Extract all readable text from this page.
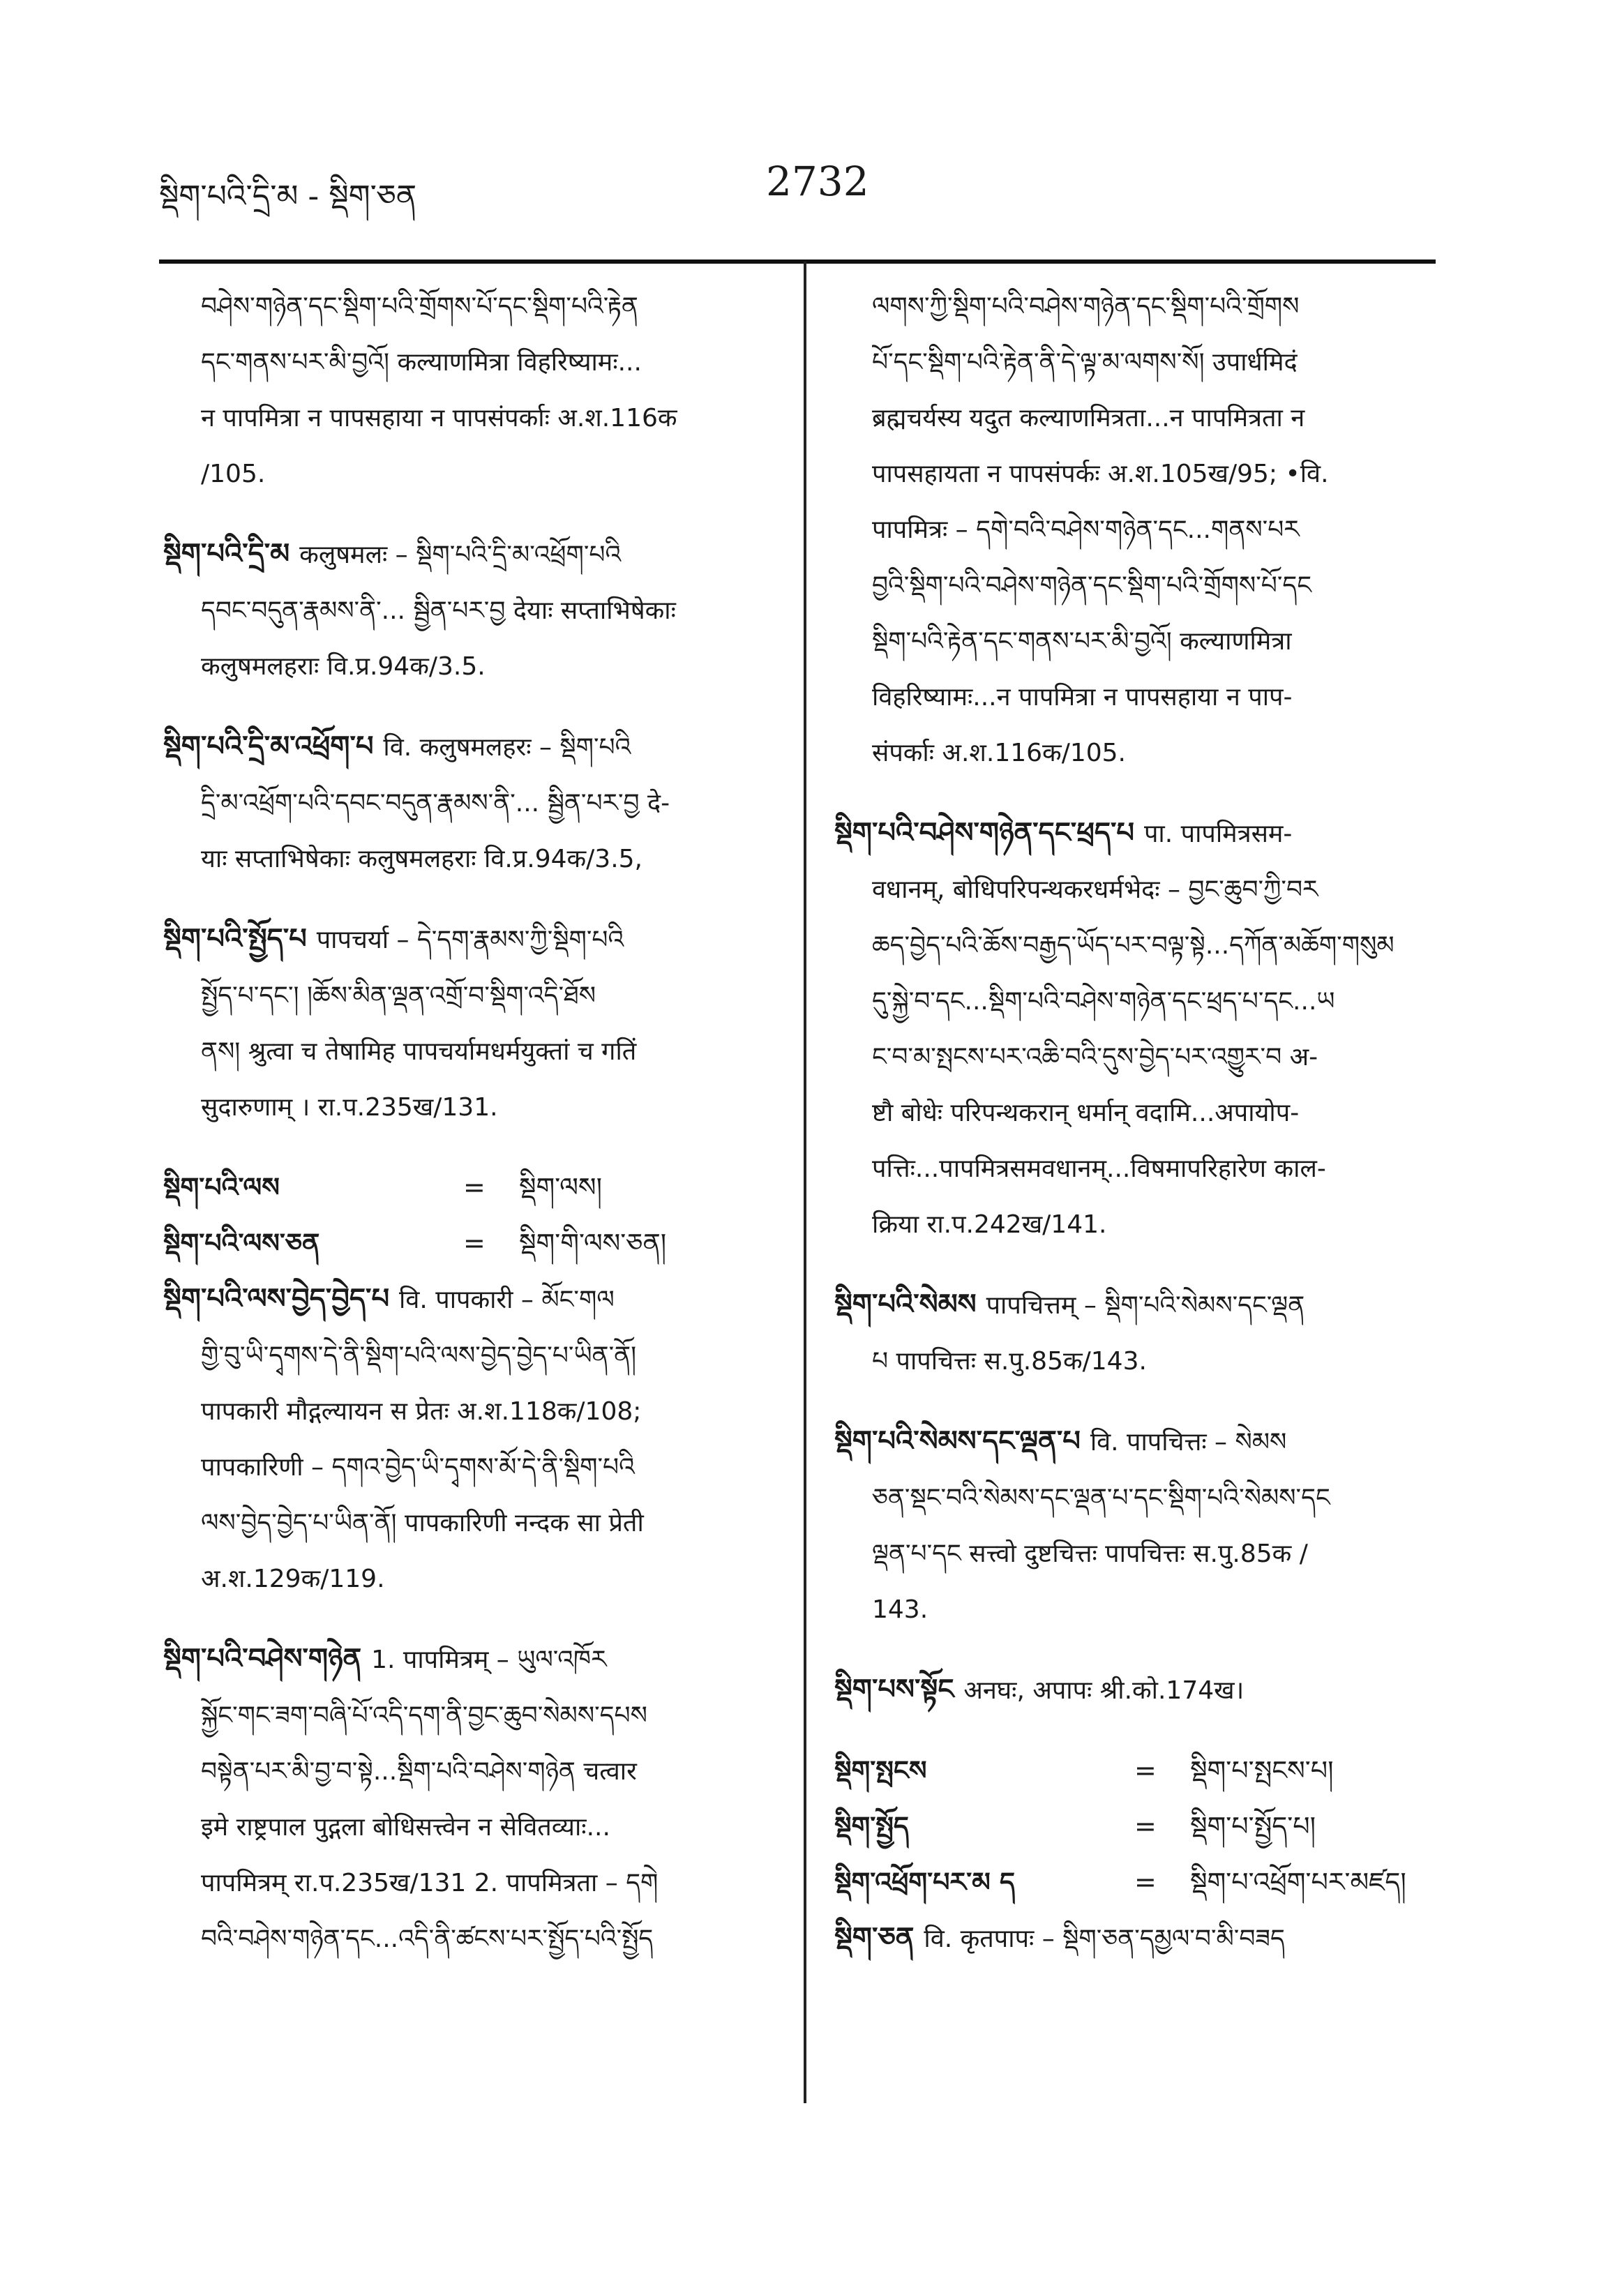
སྡིག་པའི་དྲི་མ - སྡིག་ཅན	2732
བཤེས་གཉེན་དང་སྡིག་པའི་གྲོགས་པོ་དང་སྡིག་པའི་རྟེན
དང་གནས་པར་མི་བྱའོ། कल्याणमित्रा विहरिष्यामः...
न पापमित्रा न पापसहाया न पापसंपर्काः अ.श.116क
/105.
སྡིག་པའི་དྲི་མ कलुषमलः – སྡིག་པའི་དྲི་མ་འཕྲོག་པའི
དབང་བདུན་རྣམས་ནི་... སྦྱིན་པར་བྱ देयाः सप्ताभिषेकाः
कलुषमलहराः वि.प्र.94क/3.5.
སྡིག་པའི་དྲི་མ་འཕྲོག་པ वि. कलुषमलहरः – སྡིག་པའི
དྲི་མ་འཕྲོག་པའི་དབང་བདུན་རྣམས་ནི་... སྦྱིན་པར་བྱ दे-
याः सप्ताभिषेकाः कलुषमलहराः वि.प्र.94क/3.5,
སྡིག་པའི་སྤྱོད་པ पापचर्या – དེ་དག་རྣམས་ཀྱི་སྡིག་པའི
སྤྱོད་པ་དང་། །ཆོས་མིན་ལྡན་འགྲོ་བ་སྡིག་འདི་ཐོས
ནས། श्रुत्वा च तेषामिह पापचर्यामधर्मयुक्तां च गतिं
सुदारुणाम् । रा.प.235ख/131.
སྡིག་པའི་ལས	=	སྡིག་ལས།
སྡིག་པའི་ལས་ཅན	=	སྡིག་གི་ལས་ཅན།
སྡིག་པའི་ལས་བྱེད་བྱེད་པ वि. पापकारी – མོང་གལ
གྱི་བུ་ཡི་དྭགས་དེ་ནི་སྡིག་པའི་ལས་བྱེད་བྱེད་པ་ཡིན་ནོ།
पापकारी मौद्गल्यायन स प्रेतः अ.श.118क/108;
पापकारिणी – དགའ་བྱེད་ཡི་དྭགས་མོ་དེ་ནི་སྡིག་པའི
ལས་བྱེད་བྱེད་པ་ཡིན་ནོ། पापकारिणी नन्दक सा प्रेती
अ.श.129क/119.
སྡིག་པའི་བཤེས་གཉེན 1. पापमित्रम् – ཡུལ་འཁོར
སྐྱོང་གང་ཟག་བཞི་པོ་འདི་དག་ནི་བྱང་ཆུབ་སེམས་དཔས
བསྟེན་པར་མི་བྱ་བ་སྟེ...སྡིག་པའི་བཤེས་གཉེན चत्वार
इमे राष्ट्रपाल पुद्गला बोधिसत्त्वेन न सेवितव्याः...
पापमित्रम् रा.प.235ख/131 2. पापमित्रता – དགེ
བའི་བཤེས་གཉེན་དང...འདི་ནི་ཚངས་པར་སྤྱོད་པའི་སྤྱོད
ལགས་ཀྱི་སྡིག་པའི་བཤེས་གཉེན་དང་སྡིག་པའི་གྲོགས
པོ་དང་སྡིག་པའི་རྟེན་ནི་དེ་ལྟ་མ་ལགས་སོ། उपार्धमिदं
ब्रह्मचर्यस्य यदुत कल्याणमित्रता...न पापमित्रता न
पापसहायता न पापसंपर्कः अ.श.105ख/95; •वि.
पापमित्रः – དགེ་བའི་བཤེས་གཉེན་དང...གནས་པར
བྱའི་སྡིག་པའི་བཤེས་གཉེན་དང་སྡིག་པའི་གྲོགས་པོ་དང
སྡིག་པའི་རྟེན་དང་གནས་པར་མི་བྱའོ། कल्याणमित्रा
विहरिष्यामः...न पापमित्रा न पापसहाया न पाप-
संपर्काः अ.श.116क/105.
སྡིག་པའི་བཤེས་གཉེན་དང་ཕྲད་པ पा. पापमित्रसम-
वधानम्, बोधिपरिपन्थकरधर्मभेदः – བྱང་ཆུབ་ཀྱི་བར
ཆད་བྱེད་པའི་ཆོས་བརྒྱད་ཡོད་པར་བལྟ་སྟེ...དཀོན་མཆོག་གསུམ
དུ་སྐྱེ་བ་དང...སྡིག་པའི་བཤེས་གཉེན་དང་ཕྲད་པ་དང...ཡ
ང་བ་མ་སྤངས་པར་འཆི་བའི་དུས་བྱེད་པར་འགྱུར་བ अ-
ष्टौ बोधेः परिपन्थकरान् धर्मान् वदामि...अपायोप-
पत्तिः...पापमित्रसमवधानम्...विषमापरिहारेण काल-
क्रिया रा.प.242ख/141.
སྡིག་པའི་སེམས पापचित्तम् – སྡིག་པའི་སེམས་དང་ལྡན
པ पापचित्तः स.पु.85क/143.
སྡིག་པའི་སེམས་དང་ལྡན་པ वि. पापचित्तः – སེམས
ཅན་སྡང་བའི་སེམས་དང་ལྡན་པ་དང་སྡིག་པའི་སེམས་དང
ལྡན་པ་དང सत्त्वो दुष्टचित्तः पापचित्तः स.पु.85क /
143.
སྡིག་པས་སྟོང अनघः, अपापः श्री.को.174ख।
སྡིག་སྤངས	=	སྡིག་པ་སྤངས་པ།
སྡིག་སྤྱོད	=	སྡིག་པ་སྤྱོད་པ།
སྡིག་འཕྲོག་པར་མ ད	=	སྡིག་པ་འཕྲོག་པར་མཛད།
སྡིག་ཅན वि. कृतपापः – སྡིག་ཅན་དམྱལ་བ་མི་བཟད
